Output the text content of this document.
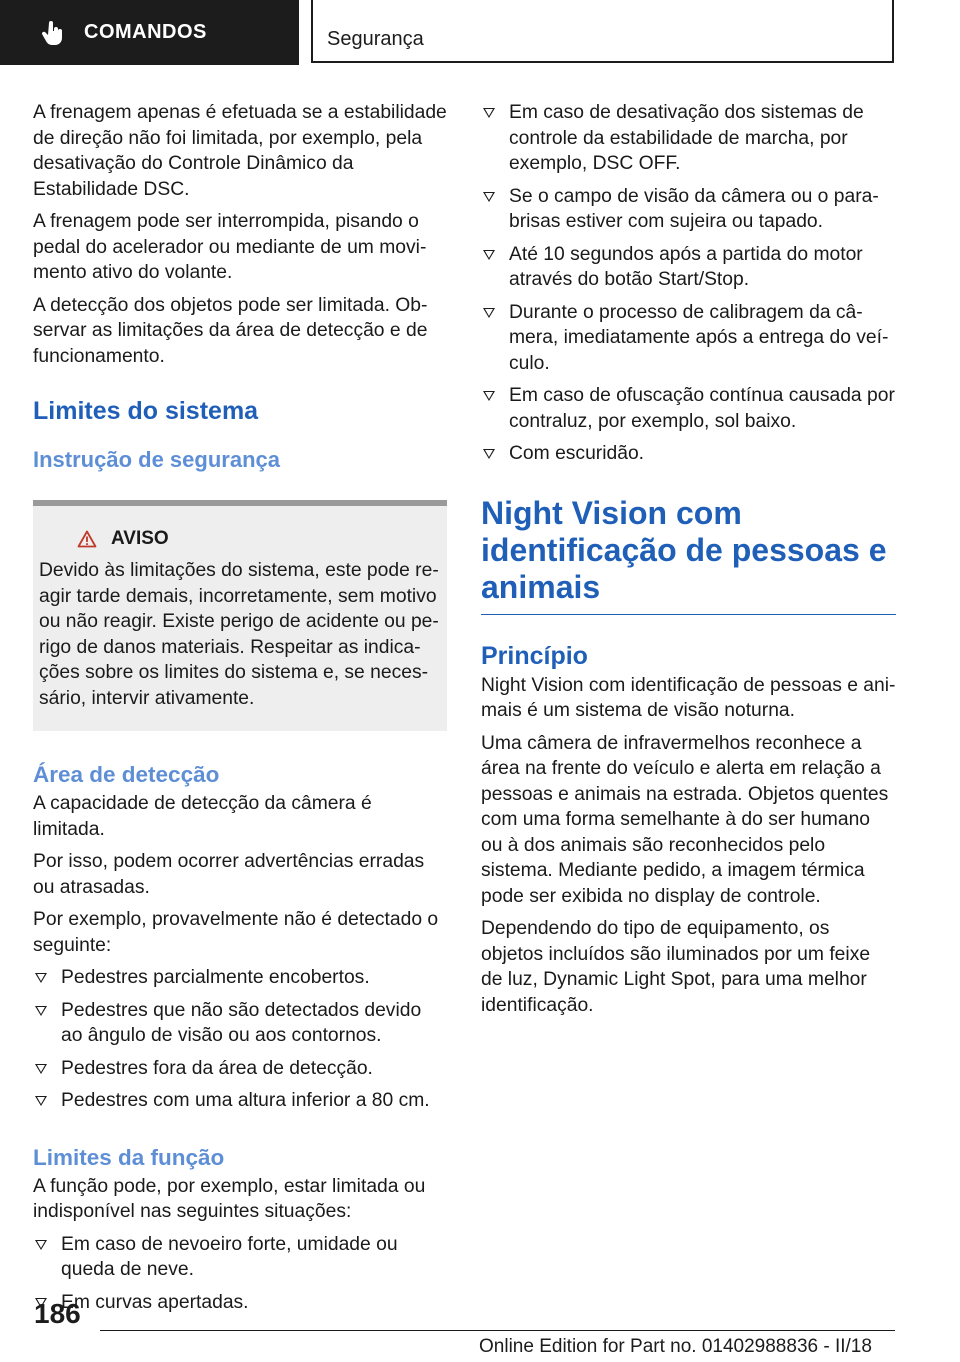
COMANDOS	Segurança

A frenagem apenas é efetuada se a estabilidade de direção não foi limitada, por exemplo, pela desativação do Controle Dinâmico da Estabilidade DSC.

A frenagem pode ser interrompida, pisando o pedal do acelerador ou mediante de um movimento ativo do volante.

A detecção dos objetos pode ser limitada. Observar as limitações da área de detecção e de funcionamento.

Limites do sistema
Instrução de segurança
AVISO

Devido às limitações do sistema, este pode reagir tarde demais, incorretamente, sem motivo ou não reagir. Existe perigo de acidente ou perigo de danos materiais. Respeitar as indicações sobre os limites do sistema e, se necessário, intervir ativamente.

Área de detecção

A capacidade de detecção da câmera é limitada.

Por isso, podem ocorrer advertências erradas ou atrasadas.

Por exemplo, provavelmente não é detectado o seguinte:

Pedestres parcialmente encobertos.
Pedestres que não são detectados devido ao ângulo de visão ou aos contornos.
Pedestres fora da área de detecção.
Pedestres com uma altura inferior a 80 cm.
Limites da função

A função pode, por exemplo, estar limitada ou indisponível nas seguintes situações:

Em caso de nevoeiro forte, umidade ou queda de neve.
Em curvas apertadas.
Em caso de desativação dos sistemas de controle da estabilidade de marcha, por exemplo, DSC OFF.
Se o campo de visão da câmera ou o para-brisas estiver com sujeira ou tapado.
Até 10 segundos após a partida do motor através do botão Start/Stop.
Durante o processo de calibragem da câmera, imediatamente após a entrega do veículo.
Em caso de ofuscação contínua causada por contraluz, por exemplo, sol baixo.
Com escuridão.
Night Vision com identificação de pessoas e animais
Princípio

Night Vision com identificação de pessoas e animais é um sistema de visão noturna.

Uma câmera de infravermelhos reconhece a área na frente do veículo e alerta em relação a pessoas e animais na estrada. Objetos quentes com uma forma semelhante à do ser humano ou à dos animais são reconhecidos pelo sistema. Mediante pedido, a imagem térmica pode ser exibida no display de controle.

Dependendo do tipo de equipamento, os objetos incluídos são iluminados por um feixe de luz, Dynamic Light Spot, para uma melhor identificação.

186
Online Edition for Part no. 01402988836 - II/18
